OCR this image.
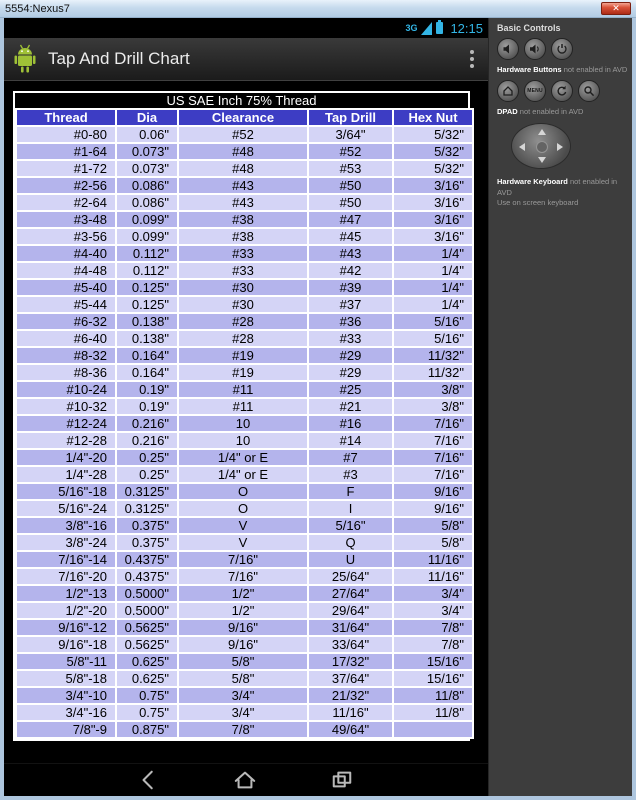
5554:Nexus7	✕
3G	12:15
Tap And Drill Chart
US SAE Inch 75% Thread
Thread	Dia	Clearance	Tap Drill	Hex Nut
#0-80	0.06"	#52	3/64"	5/32"
#1-64	0.073"	#48	#52	5/32"
#1-72	0.073"	#48	#53	5/32"
#2-56	0.086"	#43	#50	3/16"
#2-64	0.086"	#43	#50	3/16"
#3-48	0.099"	#38	#47	3/16"
#3-56	0.099"	#38	#45	3/16"
#4-40	0.112"	#33	#43	1/4"
#4-48	0.112"	#33	#42	1/4"
#5-40	0.125"	#30	#39	1/4"
#5-44	0.125"	#30	#37	1/4"
#6-32	0.138"	#28	#36	5/16"
#6-40	0.138"	#28	#33	5/16"
#8-32	0.164"	#19	#29	11/32"
#8-36	0.164"	#19	#29	11/32"
#10-24	0.19"	#11	#25	3/8"
#10-32	0.19"	#11	#21	3/8"
#12-24	0.216"	10	#16	7/16"
#12-28	0.216"	10	#14	7/16"
1/4"-20	0.25"	1/4" or E	#7	7/16"
1/4"-28	0.25"	1/4" or E	#3	7/16"
5/16"-18	0.3125"	O	F	9/16"
5/16"-24	0.3125"	O	I	9/16"
3/8"-16	0.375"	V	5/16"	5/8"
3/8"-24	0.375"	V	Q	5/8"
7/16"-14	0.4375"	7/16"	U	11/16"
7/16"-20	0.4375"	7/16"	25/64"	11/16"
1/2"-13	0.5000"	1/2"	27/64"	3/4"
1/2"-20	0.5000"	1/2"	29/64"	3/4"
9/16"-12	0.5625"	9/16"	31/64"	7/8"
9/16"-18	0.5625"	9/16"	33/64"	7/8"
5/8"-11	0.625"	5/8"	17/32"	15/16"
5/8"-18	0.625"	5/8"	37/64"	15/16"
3/4"-10	0.75"	3/4"	21/32"	11/8"
3/4"-16	0.75"	3/4"	11/16"	11/8"
7/8"-9	0.875"	7/8"	49/64"	
Basic Controls
Hardware Buttons not enabled in AVD
MENU
DPAD not enabled in AVD
Hardware Keyboard not enabled in AVD
Use on screen keyboard
